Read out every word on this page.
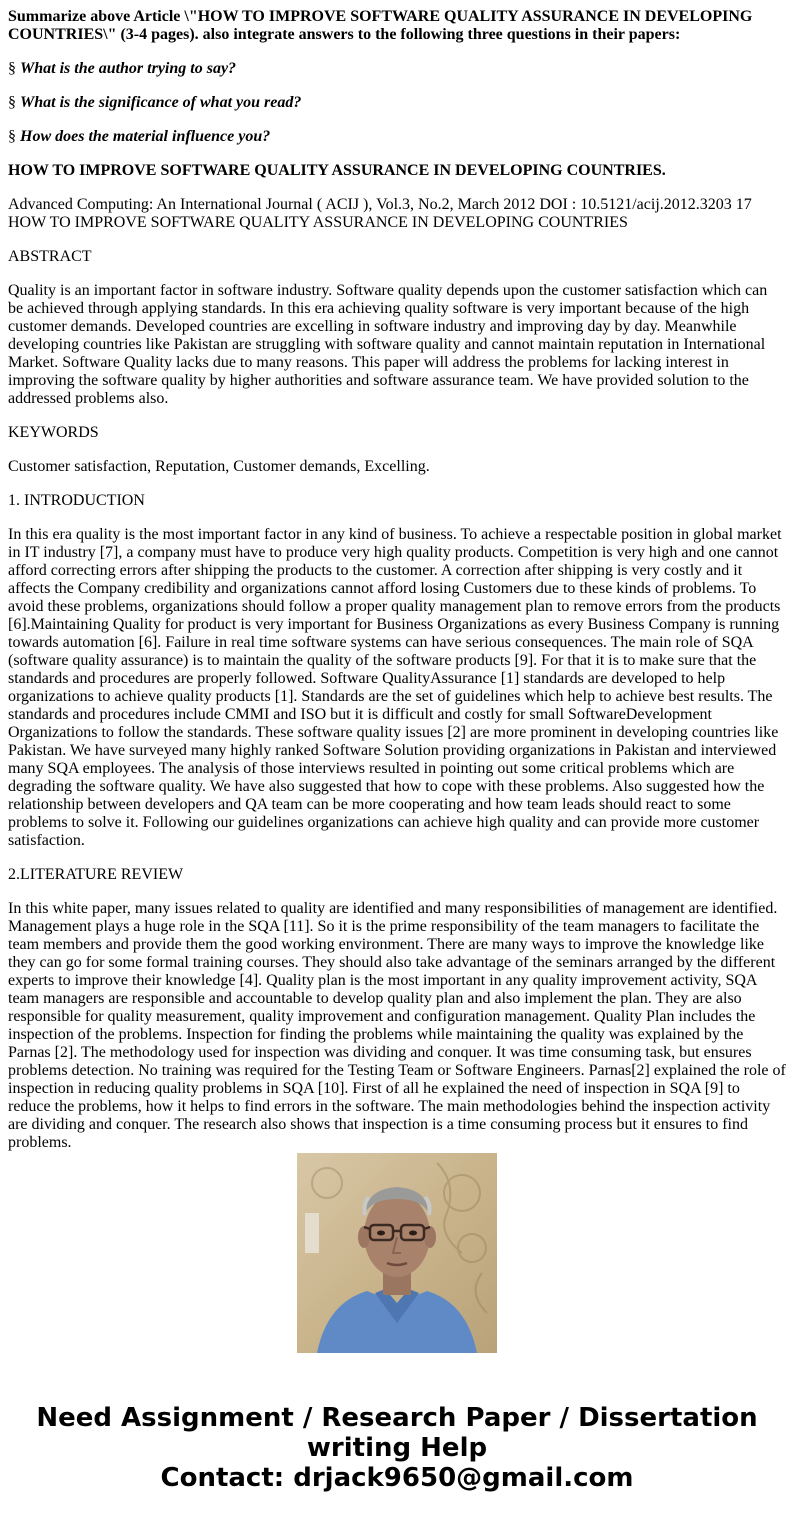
Summarize above Article \"HOW TO IMPROVE SOFTWARE QUALITY ASSURANCE IN DEVELOPING COUNTRIES\" (3-4 pages). also integrate answers to the following three questions in their papers:

§ What is the author trying to say?

§ What is the significance of what you read?

§ How does the material influence you?

HOW TO IMPROVE SOFTWARE QUALITY ASSURANCE IN DEVELOPING COUNTRIES.

Advanced Computing: An International Journal ( ACIJ ), Vol.3, No.2, March 2012 DOI : 10.5121/acij.2012.3203 17 HOW TO IMPROVE SOFTWARE QUALITY ASSURANCE IN DEVELOPING COUNTRIES

ABSTRACT

Quality is an important factor in software industry. Software quality depends upon the customer satisfaction which can be achieved through applying standards. In this era achieving quality software is very important because of the high customer demands. Developed countries are excelling in software industry and improving day by day. Meanwhile developing countries like Pakistan are struggling with software quality and cannot maintain reputation in International Market. Software Quality lacks due to many reasons. This paper will address the problems for lacking interest in improving the software quality by higher authorities and software assurance team. We have provided solution to the addressed problems also.

KEYWORDS

Customer satisfaction, Reputation, Customer demands, Excelling.

1. INTRODUCTION

In this era quality is the most important factor in any kind of business. To achieve a respectable position in global market in IT industry [7], a company must have to produce very high quality products. Competition is very high and one cannot afford correcting errors after shipping the products to the customer. A correction after shipping is very costly and it affects the Company credibility and organizations cannot afford losing Customers due to these kinds of problems. To avoid these problems, organizations should follow a proper quality management plan to remove errors from the products [6].Maintaining Quality for product is very important for Business Organizations as every Business Company is running towards automation [6]. Failure in real time software systems can have serious consequences. The main role of SQA (software quality assurance) is to maintain the quality of the software products [9]. For that it is to make sure that the standards and procedures are properly followed. Software QualityAssurance [1] standards are developed to help organizations to achieve quality products [1]. Standards are the set of guidelines which help to achieve best results. The standards and procedures include CMMI and ISO but it is difficult and costly for small SoftwareDevelopment Organizations to follow the standards. These software quality issues [2] are more prominent in developing countries like Pakistan. We have surveyed many highly ranked Software Solution providing organizations in Pakistan and interviewed many SQA employees. The analysis of those interviews resulted in pointing out some critical problems which are degrading the software quality. We have also suggested that how to cope with these problems. Also suggested how the relationship between developers and QA team can be more cooperating and how team leads should react to some problems to solve it. Following our guidelines organizations can achieve high quality and can provide more customer satisfaction.

2.LITERATURE REVIEW

In this white paper, many issues related to quality are identified and many responsibilities of management are identified. Management plays a huge role in the SQA [11]. So it is the prime responsibility of the team managers to facilitate the team members and provide them the good working environment. There are many ways to improve the knowledge like they can go for some formal training courses. They should also take advantage of the seminars arranged by the different experts to improve their knowledge [4]. Quality plan is the most important in any quality improvement activity, SQA team managers are responsible and accountable to develop quality plan and also implement the plan. They are also responsible for quality measurement, quality improvement and configuration management. Quality Plan includes the inspection of the problems. Inspection for finding the problems while maintaining the quality was explained by the Parnas [2]. The methodology used for inspection was dividing and conquer. It was time consuming task, but ensures problems detection. No training was required for the Testing Team or Software Engineers. Parnas[2] explained the role of inspection in reducing quality problems in SQA [10]. First of all he explained the need of inspection in SQA [9] to reduce the problems, how it helps to find errors in the software. The main methodologies behind the inspection activity are dividing and conquer. The research also shows that inspection is a time consuming process but it ensures to find problems.

Need Assignment / Research Paper / Dissertation
writing Help
Contact: drjack9650@gmail.com
